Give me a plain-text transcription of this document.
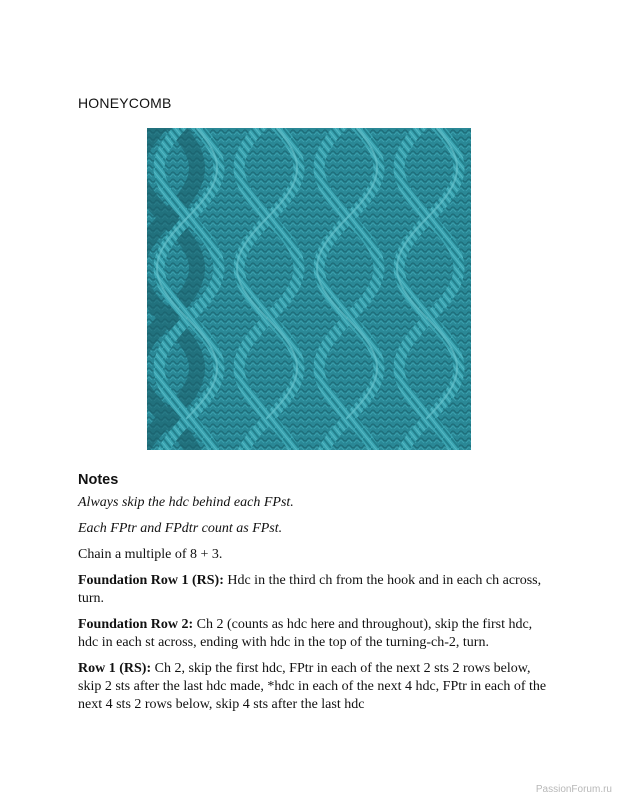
HONEYCOMB
Notes

Always skip the hdc behind each FPst.

Each FPtr and FPdtr count as FPst.

Chain a multiple of 8 + 3.

Foundation Row 1 (RS): Hdc in the third ch from the hook and in each ch across, turn.

Foundation Row 2: Ch 2 (counts as hdc here and throughout), skip the first hdc, hdc in each st across, ending with hdc in the top of the turning-ch-2, turn.

Row 1 (RS): Ch 2, skip the first hdc, FPtr in each of the next 2 sts 2 rows below, skip 2 sts after the last hdc made, *hdc in each of the next 4 hdc, FPtr in each of the next 4 sts 2 rows below, skip 4 sts after the last hdc

PassionForum.ru
